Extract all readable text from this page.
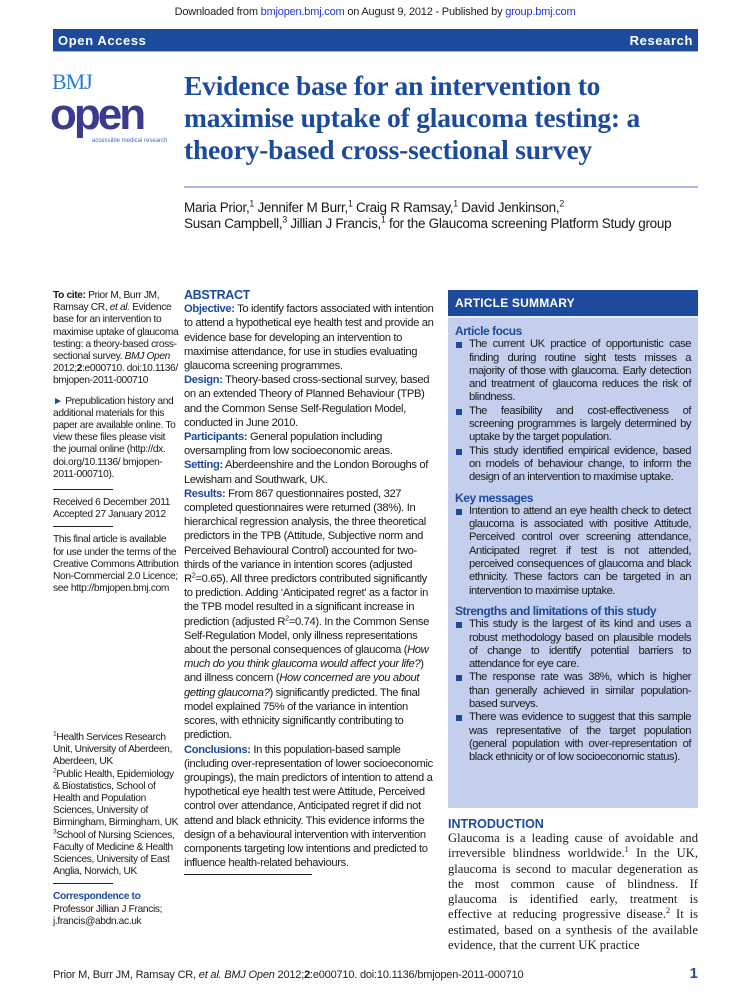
Downloaded from bmjopen.bmj.com on August 9, 2012 - Published by group.bmj.com
Open Access	Research
BMJ
open
accessible medical research
Evidence base for an intervention to maximise uptake of glaucoma testing: a theory-based cross-sectional survey
Maria Prior,$^1$ Jennifer M Burr,$^1$ Craig R Ramsay,$^1$ David Jenkinson,$^2$
Susan Campbell,$^3$ Jillian J Francis,$^1$ for the Glaucoma screening Platform Study group

To cite: Prior M, Burr JM, Ramsay CR, et al. Evidence base for an intervention to maximise uptake of glaucoma testing: a theory-based cross-sectional survey. BMJ Open 2012;2:e000710. doi:10.1136/ bmjopen-2011-000710

► Prepublication history and additional materials for this paper are available online. To view these files please visit the journal online (http://dx. doi.org/10.1136/ bmjopen-2011-000710).

Received 6 December 2011
Accepted 27 January 2012

This final article is available for use under the terms of the Creative Commons Attribution Non-Commercial 2.0 Licence; see http://bmjopen.bmj.com

$^1$Health Services Research Unit, University of Aberdeen, Aberdeen, UK
$^2$Public Health, Epidemiology & Biostatistics, School of Health and Population Sciences, University of Birmingham, Birmingham, UK
$^3$School of Nursing Sciences, Faculty of Medicine & Health Sciences, University of East Anglia, Norwich, UK
Correspondence to
Professor Jillian J Francis;
j.francis@abdn.ac.uk
ABSTRACT

Objective: To identify factors associated with intention to attend a hypothetical eye health test and provide an evidence base for developing an intervention to maximise attendance, for use in studies evaluating glaucoma screening programmes.

Design: Theory-based cross-sectional survey, based on an extended Theory of Planned Behaviour (TPB) and the Common Sense Self-Regulation Model, conducted in June 2010.

Participants: General population including oversampling from low socioeconomic areas.

Setting: Aberdeenshire and the London Boroughs of Lewisham and Southwark, UK.

Results: From 867 questionnaires posted, 327 completed questionnaires were returned (38%). In hierarchical regression analysis, the three theoretical predictors in the TPB (Attitude, Subjective norm and Perceived Behavioural Control) accounted for two-thirds of the variance in intention scores (adjusted $R^2=0.65$). All three predictors contributed significantly to prediction. Adding ‘Anticipated regret’ as a factor in the TPB model resulted in a significant increase in prediction (adjusted $R^2=0.74$). In the Common Sense Self-Regulation Model, only illness representations about the personal consequences of glaucoma (How much do you think glaucoma would affect your life?) and illness concern (How concerned are you about getting glaucoma?) significantly predicted. The final model explained 75% of the variance in intention scores, with ethnicity significantly contributing to prediction.

Conclusions: In this population-based sample (including over-representation of lower socioeconomic groupings), the main predictors of intention to attend a hypothetical eye health test were Attitude, Perceived control over attendance, Anticipated regret if did not attend and black ethnicity. This evidence informs the design of a behavioural intervention with intervention components targeting low intentions and predicted to influence health-related behaviours.

ARTICLE SUMMARY
Article focus
The current UK practice of opportunistic case finding during routine sight tests misses a majority of those with glaucoma. Early detection and treatment of glaucoma reduces the risk of blindness.
The feasibility and cost-effectiveness of screening programmes is largely determined by uptake by the target population.
This study identified empirical evidence, based on models of behaviour change, to inform the design of an intervention to maximise uptake.
Key messages
Intention to attend an eye health check to detect glaucoma is associated with positive Attitude, Perceived control over screening attendance, Anticipated regret if test is not attended, perceived consequences of glaucoma and black ethnicity. These factors can be targeted in an intervention to maximise uptake.
Strengths and limitations of this study
This study is the largest of its kind and uses a robust methodology based on plausible models of change to identify potential barriers to attendance for eye care.
The response rate was 38%, which is higher than generally achieved in similar population-based surveys.
There was evidence to suggest that this sample was representative of the target population (general population with over-representation of black ethnicity or of low socioeconomic status).
INTRODUCTION

Glaucoma is a leading cause of avoidable and irreversible blindness worldwide.$^1$ In the UK, glaucoma is second to macular degeneration as the most common cause of blindness. If glaucoma is identified early, treatment is effective at reducing progressive disease.$^2$ It is estimated, based on a synthesis of the available evidence, that the current UK practice

Prior M, Burr JM, Ramsay CR, et al. BMJ Open 2012;2:e000710. doi:10.1136/bmjopen-2011-000710	1
